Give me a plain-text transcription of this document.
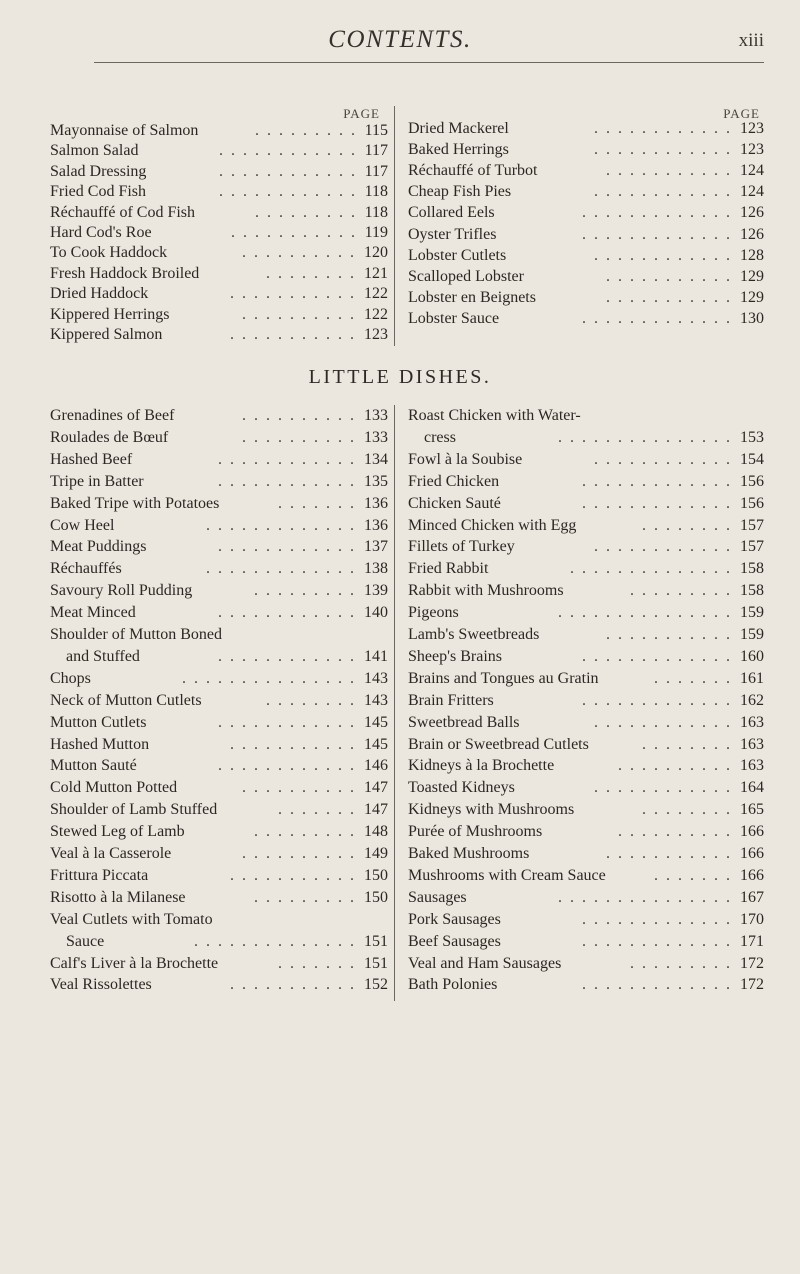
CONTENTS.	xiii
PAGE
Mayonnaise of Salmon	. . . . . . . . . 115
Salmon Salad	. . . . . . . . . . . . 117
Salad Dressing	. . . . . . . . . . . . 117
Fried Cod Fish	. . . . . . . . . . . . 118
Réchauffé of Cod Fish	. . . . . . . . . 118
Hard Cod's Roe	. . . . . . . . . . . 119
To Cook Haddock	. . . . . . . . . . 120
Fresh Haddock Broiled	. . . . . . . . 121
Dried Haddock	. . . . . . . . . . . 122
Kippered Herrings	. . . . . . . . . . 122
Kippered Salmon	. . . . . . . . . . . 123
PAGE
Dried Mackerel	. . . . . . . . . . . . 123
Baked Herrings	. . . . . . . . . . . . 123
Réchauffé of Turbot	. . . . . . . . . . . 124
Cheap Fish Pies	. . . . . . . . . . . . 124
Collared Eels	. . . . . . . . . . . . . 126
Oyster Trifles	. . . . . . . . . . . . . 126
Lobster Cutlets	. . . . . . . . . . . . 128
Scalloped Lobster	. . . . . . . . . . . 129
Lobster en Beignets	. . . . . . . . . . . 129
Lobster Sauce	. . . . . . . . . . . . . 130
LITTLE DISHES.
Grenadines of Beef	. . . . . . . . . . 133
Roulades de Bœuf	. . . . . . . . . . 133
Hashed Beef	. . . . . . . . . . . . 134
Tripe in Batter	. . . . . . . . . . . . 135
Baked Tripe with Potatoes	. . . . . . . 136
Cow Heel	. . . . . . . . . . . . . 136
Meat Puddings	. . . . . . . . . . . . 137
Réchauffés	. . . . . . . . . . . . . 138
Savoury Roll Pudding	. . . . . . . . . 139
Meat Minced	. . . . . . . . . . . . 140
Shoulder of Mutton Boned
and Stuffed	. . . . . . . . . . . . 141
Chops	. . . . . . . . . . . . . . . 143
Neck of Mutton Cutlets	. . . . . . . . 143
Mutton Cutlets	. . . . . . . . . . . . 145
Hashed Mutton	. . . . . . . . . . . 145
Mutton Sauté	. . . . . . . . . . . . 146
Cold Mutton Potted	. . . . . . . . . . 147
Shoulder of Lamb Stuffed	. . . . . . . 147
Stewed Leg of Lamb	. . . . . . . . . 148
Veal à la Casserole	. . . . . . . . . . 149
Frittura Piccata	. . . . . . . . . . . 150
Risotto à la Milanese	. . . . . . . . . 150
Veal Cutlets with Tomato
Sauce	. . . . . . . . . . . . . . 151
Calf's Liver à la Brochette	. . . . . . . 151
Veal Rissolettes	. . . . . . . . . . . 152
Roast Chicken with Water-
cress	. . . . . . . . . . . . . . . 153
Fowl à la Soubise	. . . . . . . . . . . . 154
Fried Chicken	. . . . . . . . . . . . . 156
Chicken Sauté	. . . . . . . . . . . . . 156
Minced Chicken with Egg	. . . . . . . . 157
Fillets of Turkey	. . . . . . . . . . . . 157
Fried Rabbit	. . . . . . . . . . . . . . 158
Rabbit with Mushrooms	. . . . . . . . . 158
Pigeons	. . . . . . . . . . . . . . . 159
Lamb's Sweetbreads	. . . . . . . . . . . 159
Sheep's Brains	. . . . . . . . . . . . . 160
Brains and Tongues au Gratin	. . . . . . . 161
Brain Fritters	. . . . . . . . . . . . . 162
Sweetbread Balls	. . . . . . . . . . . . 163
Brain or Sweetbread Cutlets	. . . . . . . . 163
Kidneys à la Brochette	. . . . . . . . . . 163
Toasted Kidneys	. . . . . . . . . . . . 164
Kidneys with Mushrooms	. . . . . . . . 165
Purée of Mushrooms	. . . . . . . . . . 166
Baked Mushrooms	. . . . . . . . . . . 166
Mushrooms with Cream Sauce	. . . . . . . 166
Sausages	. . . . . . . . . . . . . . . 167
Pork Sausages	. . . . . . . . . . . . . 170
Beef Sausages	. . . . . . . . . . . . . 171
Veal and Ham Sausages	. . . . . . . . . 172
Bath Polonies	. . . . . . . . . . . . . 172
